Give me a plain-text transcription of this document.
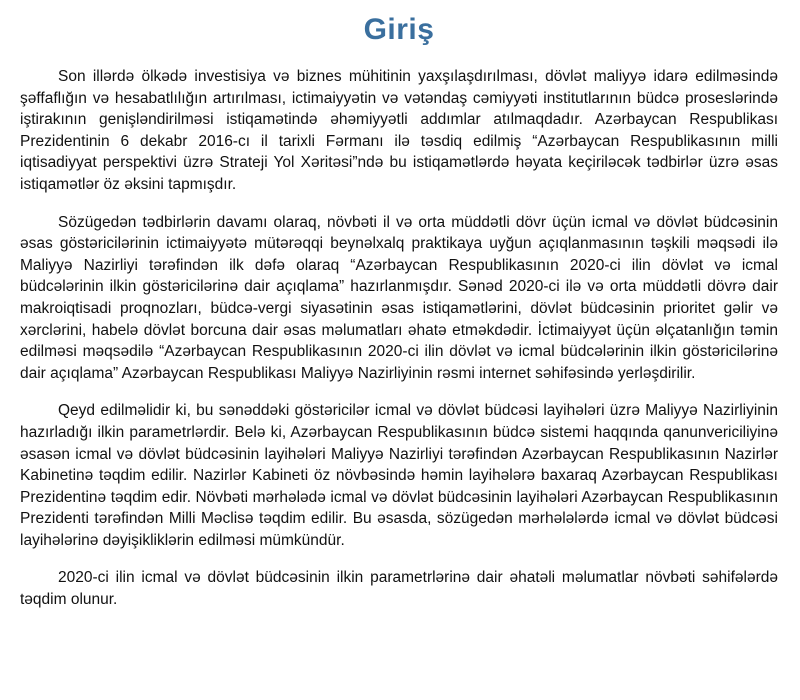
Giriş

Son illərdə ölkədə investisiya və biznes mühitinin yaxşılaşdırılması, dövlət maliyyə idarə edilməsində şəffaflığın və hesabatlılığın artırılması, ictimaiyyətin və vətəndaş cəmiyyəti institutlarının büdcə proseslərində iştirakının genişləndirilməsi istiqamətində əhəmiyyətli addımlar atılmaqdadır. Azərbaycan Respublikası Prezidentinin 6 dekabr 2016-cı il tarixli Fərmanı ilə təsdiq edilmiş “Azərbaycan Respublikasının milli iqtisadiyyat perspektivi üzrə Strateji Yol Xəritəsi”ndə bu istiqamətlərdə həyata keçiriləcək tədbirlər üzrə əsas istiqamətlər öz əksini tapmışdır.

Sözügedən tədbirlərin davamı olaraq, növbəti il və orta müddətli dövr üçün icmal və dövlət büdcəsinin əsas göstəricilərinin ictimaiyyətə mütərəqqi beynəlxalq praktikaya uyğun açıqlanmasının təşkili məqsədi ilə Maliyyə Nazirliyi tərəfindən ilk dəfə olaraq “Azərbaycan Respublikasının 2020-ci ilin dövlət və icmal büdcələrinin ilkin göstəricilərinə dair açıqlama” hazırlanmışdır. Sənəd 2020-ci ilə və orta müddətli dövrə dair makroiqtisadi proqnozları, büdcə-vergi siyasətinin əsas istiqamətlərini, dövlət büdcəsinin prioritet gəlir və xərclərini, habelə dövlət borcuna dair əsas məlumatları əhatə etməkdədir. İctimaiyyət üçün əlçatanlığın təmin edilməsi məqsədilə “Azərbaycan Respublikasının 2020-ci ilin dövlət və icmal büdcələrinin ilkin göstəricilərinə dair açıqlama” Azərbaycan Respublikası Maliyyə Nazirliyinin rəsmi internet səhifəsində yerləşdirilir.

Qeyd edilməlidir ki, bu sənəddəki göstəricilər icmal və dövlət büdcəsi layihələri üzrə Maliyyə Nazirliyinin hazırladığı ilkin parametrlərdir. Belə ki, Azərbaycan Respublikasının büdcə sistemi haqqında qanunvericiliyinə əsasən icmal və dövlət büdcəsinin layihələri Maliyyə Nazirliyi tərəfindən Azərbaycan Respublikasının Nazirlər Kabinetinə təqdim edilir. Nazirlər Kabineti öz növbəsində həmin layihələrə baxaraq Azərbaycan Respublikası Prezidentinə təqdim edir. Növbəti mərhələdə icmal və dövlət büdcəsinin layihələri Azərbaycan Respublikasının Prezidenti tərəfindən Milli Məclisə təqdim edilir. Bu əsasda, sözügedən mərhələlərdə icmal və dövlət büdcəsi layihələrinə dəyişikliklərin edilməsi mümkündür.

2020-ci ilin icmal və dövlət büdcəsinin ilkin parametrlərinə dair əhatəli məlumatlar növbəti səhifələrdə təqdim olunur.
